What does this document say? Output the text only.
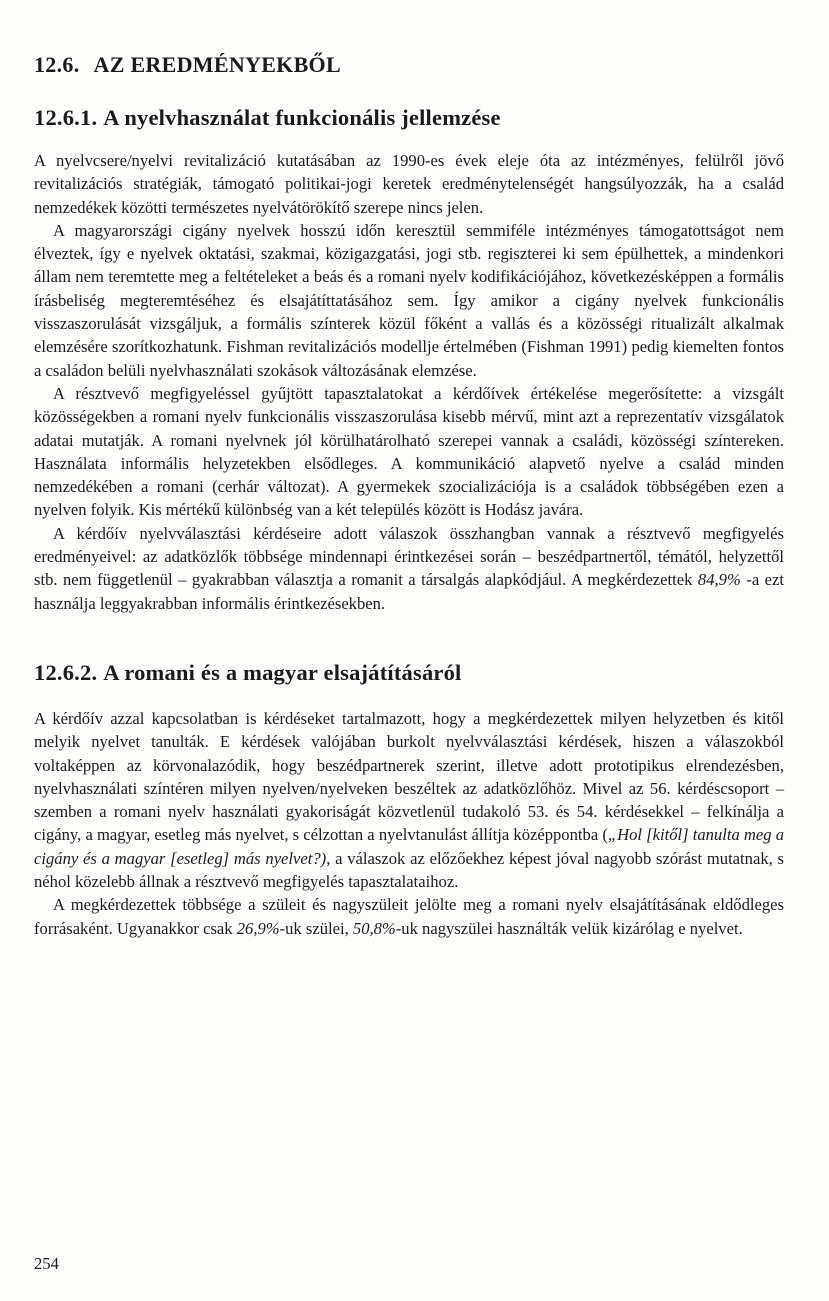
12.6. AZ EREDMÉNYEKBŐL
12.6.1. A nyelvhasználat funkcionális jellemzése

A nyelvcsere/nyelvi revitalizáció kutatásában az 1990-es évek eleje óta az intézményes, felülről jövő revitalizációs stratégiák, támogató politikai-jogi keretek eredménytelenségét hangsúlyozzák, ha a család nemzedékek közötti természetes nyelvátörökítő szerepe nincs jelen.

A magyarországi cigány nyelvek hosszú időn keresztül semmiféle intézményes támogatottságot nem élveztek, így e nyelvek oktatási, szakmai, közigazgatási, jogi stb. regiszterei ki sem épülhettek, a mindenkori állam nem teremtette meg a feltételeket a beás és a romani nyelv kodifikációjához, következésképpen a formális írásbeliség megteremtéséhez és elsajátíttatásához sem. Így amikor a cigány nyelvek funkcionális visszaszorulását vizsgáljuk, a formális színterek közül főként a vallás és a közösségi ritualizált alkalmak elemzésére szorítkozhatunk. Fishman revitalizációs modellje értelmében (Fishman 1991) pedig kiemelten fontos a családon belüli nyelvhasználati szokások változásának elemzése.

A résztvevő megfigyeléssel gyűjtött tapasztalatokat a kérdőívek értékelése megerősítette: a vizsgált közösségekben a romani nyelv funkcionális visszaszorulása kisebb mérvű, mint azt a reprezentatív vizsgálatok adatai mutatják. A romani nyelvnek jól körülhatárolható szerepei vannak a családi, közösségi színtereken. Használata informális helyzetekben elsődleges. A kommunikáció alapvető nyelve a család minden nemzedékében a romani (cerhár változat). A gyermekek szocializációja is a családok többségében ezen a nyelven folyik. Kis mértékű különbség van a két település között is Hodász javára.

A kérdőív nyelvválasztási kérdéseire adott válaszok összhangban vannak a résztvevő megfigyelés eredményeivel: az adatközlők többsége mindennapi érintkezései során – beszédpartnertől, témától, helyzettől stb. nem függetlenül – gyakrabban választja a romanit a társalgás alapkódjául. A megkérdezettek 84,9% -a ezt használja leggyakrabban informális érintkezésekben.

12.6.2. A romani és a magyar elsajátításáról

A kérdőív azzal kapcsolatban is kérdéseket tartalmazott, hogy a megkérdezettek milyen helyzetben és kitől melyik nyelvet tanulták. E kérdések valójában burkolt nyelvválasztási kérdések, hiszen a válaszokból voltaképpen az körvonalazódik, hogy beszédpartnerek szerint, illetve adott prototipikus elrendezésben, nyelvhasználati színtéren milyen nyelven/nyelveken beszéltek az adatközlőhöz. Mivel az 56. kérdéscsoport – szemben a romani nyelv használati gyakoriságát közvetlenül tudakoló 53. és 54. kérdésekkel – felkínálja a cigány, a magyar, esetleg más nyelvet, s célzottan a nyelvtanulást állítja középpontba („Hol [kitől] tanulta meg a cigány és a magyar [esetleg] más nyelvet?), a válaszok az előzőekhez képest jóval nagyobb szórást mutatnak, s néhol közelebb állnak a résztvevő megfigyelés tapasztalataihoz.

A megkérdezettek többsége a szüleit és nagyszüleit jelölte meg a romani nyelv elsajátításának eldődleges forrásaként. Ugyanakkor csak 26,9%-uk szülei, 50,8%-uk nagyszülei használták velük kizárólag e nyelvet.

254
